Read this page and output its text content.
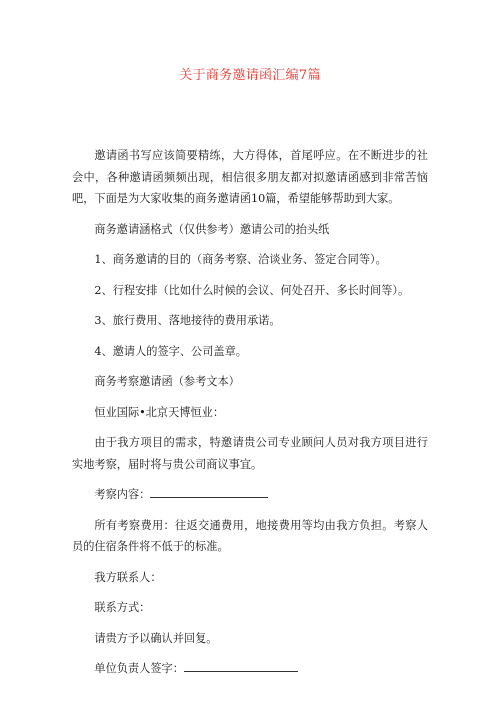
关于商务邀请函汇编7篇

邀请函书写应该简要精练，大方得体，首尾呼应。在不断进步的社会中，各种邀请函频频出现，相信很多朋友都对拟邀请函感到非常苦恼吧，下面是为大家收集的商务邀请函10篇，希望能够帮助到大家。

商务邀请涵格式（仅供参考）邀请公司的抬头纸

1、商务邀请的目的（商务考察、洽谈业务、签定合同等）。

2、行程安排（比如什么时候的会议、何处召开、多长时间等）。

3、旅行费用、落地接待的费用承诺。

4、邀请人的签字、公司盖章。

商务考察邀请函（参考文本）

恒业国际•北京天博恒业：

由于我方项目的需求，特邀请贵公司专业顾问人员对我方项目进行实地考察，届时将与贵公司商议事宜。

考察内容：

所有考察费用：往返交通费用，地接费用等均由我方负担。考察人员的住宿条件将不低于的标准。

我方联系人：

联系方式：

请贵方予以确认并回复。

单位负责人签字：
